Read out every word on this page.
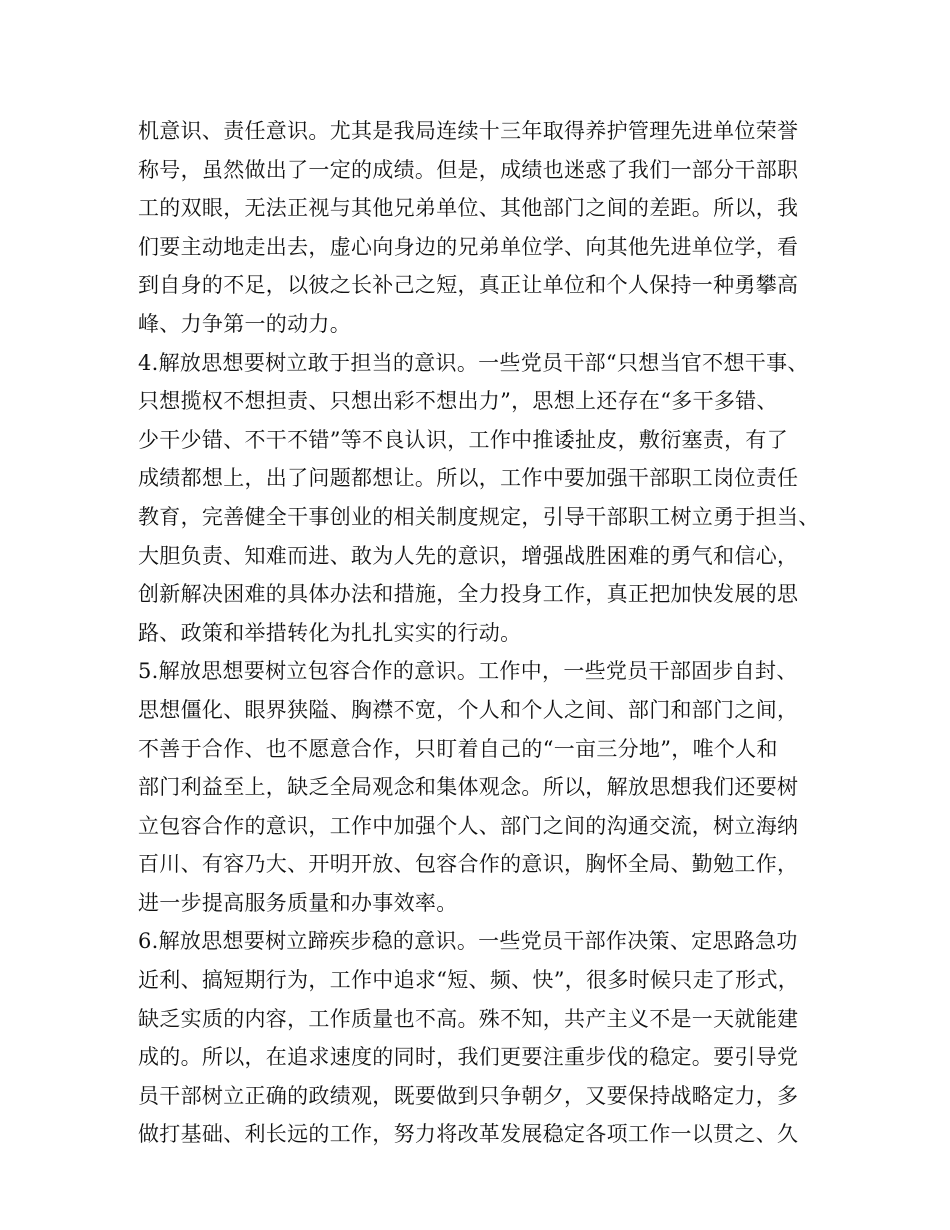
机意识、责任意识。尤其是我局连续十三年取得养护管理先进单位荣誉
称号，虽然做出了一定的成绩。但是，成绩也迷惑了我们一部分干部职
工的双眼，无法正视与其他兄弟单位、其他部门之间的差距。所以，我
们要主动地走出去，虚心向身边的兄弟单位学、向其他先进单位学，看
到自身的不足，以彼之长补己之短，真正让单位和个人保持一种勇攀高
峰、力争第一的动力。
4.解放思想要树立敢于担当的意识。一些党员干部“只想当官不想干事、
只想揽权不想担责、只想出彩不想出力”，思想上还存在“多干多错、
少干少错、不干不错”等不良认识，工作中推诿扯皮，敷衍塞责，有了
成绩都想上，出了问题都想让。所以，工作中要加强干部职工岗位责任
教育，完善健全干事创业的相关制度规定，引导干部职工树立勇于担当、
大胆负责、知难而进、敢为人先的意识，增强战胜困难的勇气和信心，
创新解决困难的具体办法和措施，全力投身工作，真正把加快发展的思
路、政策和举措转化为扎扎实实的行动。
5.解放思想要树立包容合作的意识。工作中，一些党员干部固步自封、
思想僵化、眼界狭隘、胸襟不宽，个人和个人之间、部门和部门之间，
不善于合作、也不愿意合作，只盯着自己的“一亩三分地”，唯个人和
部门利益至上，缺乏全局观念和集体观念。所以，解放思想我们还要树
立包容合作的意识，工作中加强个人、部门之间的沟通交流，树立海纳
百川、有容乃大、开明开放、包容合作的意识，胸怀全局、勤勉工作，
进一步提高服务质量和办事效率。
6.解放思想要树立蹄疾步稳的意识。一些党员干部作决策、定思路急功
近利、搞短期行为，工作中追求“短、频、快”，很多时候只走了形式，
缺乏实质的内容，工作质量也不高。殊不知，共产主义不是一天就能建
成的。所以，在追求速度的同时，我们更要注重步伐的稳定。要引导党
员干部树立正确的政绩观，既要做到只争朝夕，又要保持战略定力，多
做打基础、利长远的工作，努力将改革发展稳定各项工作一以贯之、久
